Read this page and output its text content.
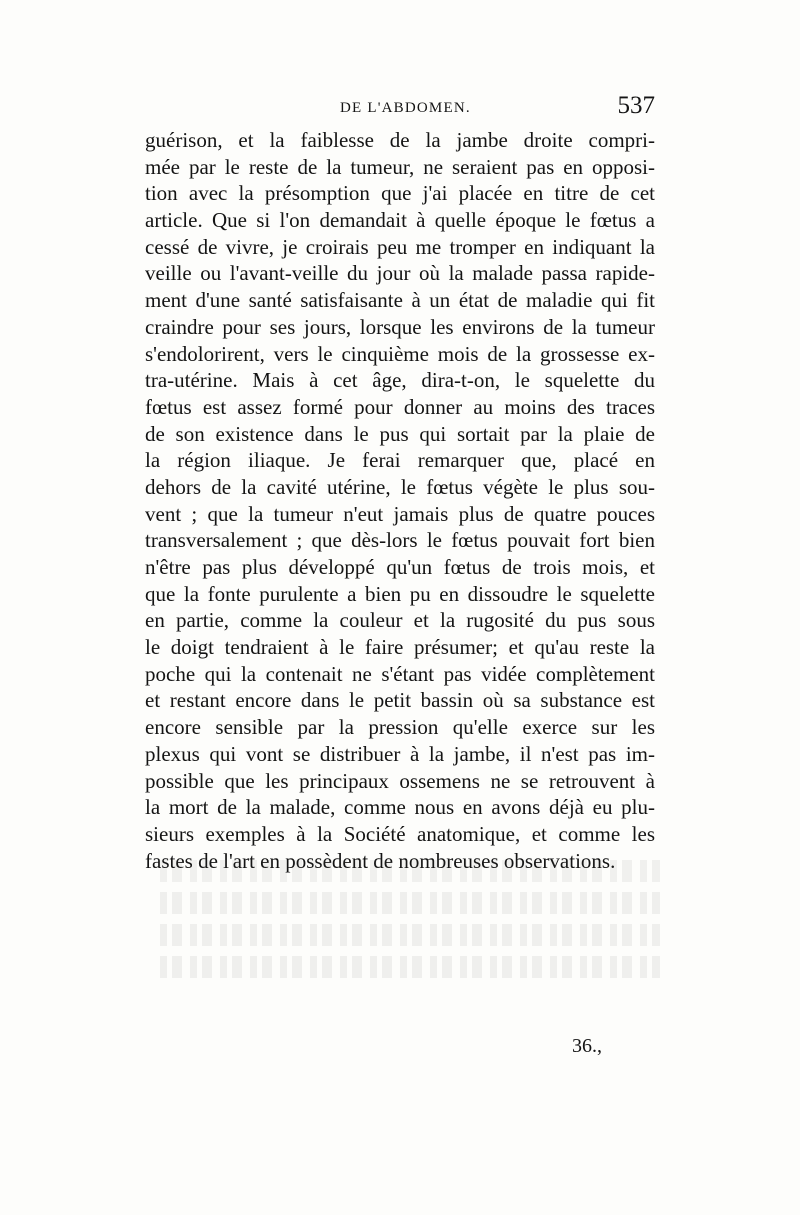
DE L'ABDOMEN.	537
guérison, et la faiblesse de la jambe droite compri-
mée par le reste de la tumeur, ne seraient pas en opposi-
tion avec la présomption que j'ai placée en titre de cet
article. Que si l'on demandait à quelle époque le fœtus a
cessé de vivre, je croirais peu me tromper en indiquant la
veille ou l'avant-veille du jour où la malade passa rapide-
ment d'une santé satisfaisante à un état de maladie qui fit
craindre pour ses jours, lorsque les environs de la tumeur
s'endolorirent, vers le cinquième mois de la grossesse ex-
tra-utérine. Mais à cet âge, dira-t-on, le squelette du
fœtus est assez formé pour donner au moins des traces
de son existence dans le pus qui sortait par la plaie de
la région iliaque. Je ferai remarquer que, placé en
dehors de la cavité utérine, le fœtus végète le plus sou-
vent ; que la tumeur n'eut jamais plus de quatre pouces
transversalement ; que dès-lors le fœtus pouvait fort bien
n'être pas plus développé qu'un fœtus de trois mois, et
que la fonte purulente a bien pu en dissoudre le squelette
en partie, comme la couleur et la rugosité du pus sous
le doigt tendraient à le faire présumer; et qu'au reste la
poche qui la contenait ne s'étant pas vidée complètement
et restant encore dans le petit bassin où sa substance est
encore sensible par la pression qu'elle exerce sur les
plexus qui vont se distribuer à la jambe, il n'est pas im-
possible que les principaux ossemens ne se retrouvent à
la mort de la malade, comme nous en avons déjà eu plu-
sieurs exemples à la Société anatomique, et comme les
fastes de l'art en possèdent de nombreuses observations.
36.,
